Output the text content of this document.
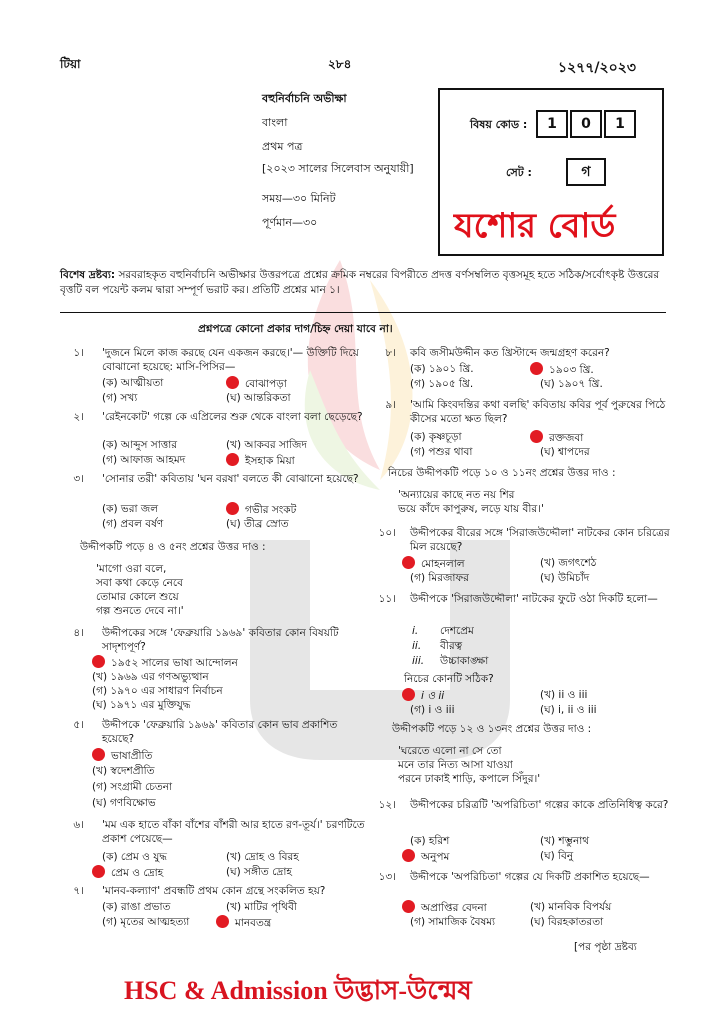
টিয়া	২৮৪	১২৭৭/২০২৩
বহুনির্বাচনি অভীক্ষা
বাংলা
প্রথম পত্র
[২০২৩ সালের সিলেবাস অনুযায়ী]
সময়—৩০ মিনিট
পূর্ণমান—৩০
বিষয় কোড :	1 0 1
সেট :	গ
যশোর বোর্ড
বিশেষ দ্রষ্টব্য: সরবরাহকৃত বহুনির্বাচনি অভীক্ষার উত্তরপত্রে প্রশ্নের ক্রমিক নম্বরের বিপরীতে প্রদত্ত বর্ণসম্বলিত বৃত্তসমূহ হতে সঠিক/সর্বোৎকৃষ্ট উত্তরের বৃত্তটি বল পয়েন্ট কলম দ্বারা সম্পূর্ণ ভরাট কর। প্রতিটি প্রশ্নের মান ১।
প্রশ্নপত্রে কোনো প্রকার দাগ/চিহ্ন দেয়া যাবে না।
১। 'দুজনে মিলে কাজ করছে যেন একজন করছে।'— উক্তিটি দিয়ে বোঝানো হয়েছে: মাসি-পিসির—
(ক) আত্মীয়তা	বোঝাপড়া
(গ) সখ্য	(ঘ) আন্তরিকতা
২। 'রেইনকোট' গল্পে কে এপ্রিলের শুরু থেকে বাংলা বলা ছেড়েছে?
(ক) আব্দুস সাত্তার	(খ) আকবর সাজিদ
(গ) আফাজ আহমদ	ইসহাক মিয়া
৩। 'সোনার তরী' কবিতায় 'ঘন বরষা' বলতে কী বোঝানো হয়েছে?
(ক) ভরা জল	গভীর সংকট
(গ) প্রবল বর্ষণ	(ঘ) তীব্র স্রোত
উদ্দীপকটি পড়ে ৪ ও ৫নং প্রশ্নের উত্তর দাও :
'মাগো ওরা বলে,
সবা কথা কেড়ে নেবে
তোমার কোলে শুয়ে
গল্প শুনতে দেবে না।'
৪। উদ্দীপকের সঙ্গে 'ফেব্রুয়ারি ১৯৬৯' কবিতার কোন বিষয়টি সাদৃশ্যপূর্ণ?
১৯৫২ সালের ভাষা আন্দোলন
(খ) ১৯৬৯ এর গণঅভ্যুত্থান
(গ) ১৯৭০ এর সাধারণ নির্বাচন
(ঘ) ১৯৭১ এর মুক্তিযুদ্ধ
৫। উদ্দীপকে 'ফেব্রুয়ারি ১৯৬৯' কবিতার কোন ভাব প্রকাশিত হয়েছে?
ভাষাপ্রীতি
(খ) স্বদেশপ্রীতি
(গ) সংগ্রামী চেতনা
(ঘ) গণবিক্ষোভ
৬। 'মম এক হাতে বাঁকা বাঁশের বাঁশরী আর হাতে রণ-তূর্য।' চরণটিতে প্রকাশ পেয়েছে—
(ক) প্রেম ও যুদ্ধ	(খ) দ্রোহ ও বিরহ
প্রেম ও দ্রোহ	(ঘ) সঙ্গীত দ্রোহ
৭। 'মানব-কল্যাণ' প্রবন্ধটি প্রথম কোন গ্রন্থে সংকলিত হয়?
(ক) রাঙা প্রভাত	(খ) মাটির পৃথিবী
(গ) মৃতের আত্মহত্যা	মানবতন্ত্র
৮। কবি জসীমউদ্দীন কত খ্রিস্টাব্দে জন্মগ্রহণ করেন?
(ক) ১৯০১ খ্রি.	১৯০৩ খ্রি.
(গ) ১৯০৫ খ্রি.	(ঘ) ১৯০৭ খ্রি.
৯। 'আমি কিংবদন্তির কথা বলছি' কবিতায় কবির পূর্ব পুরুষের পিঠে কীসের মতো ক্ষত ছিল?
(ক) কৃষ্ণচূড়া	রক্তজবা
(গ) পশুর থাবা	(ঘ) শ্বাপদের
নিচের উদ্দীপকটি পড়ে ১০ ও ১১নং প্রশ্নের উত্তর দাও :
'অন্যায়ের কাছে নত নয় শির
ভয়ে কাঁদে কাপুরুষ, লড়ে যায় বীর।'
১০। উদ্দীপকের বীরের সঙ্গে 'সিরাজউদ্দৌলা' নাটকের কোন চরিত্রের মিল রয়েছে?
মোহনলাল	(খ) জগৎশেঠ
(গ) মিরজাফর	(ঘ) উমিচাঁদ
১১। উদ্দীপকে 'সিরাজউদ্দৌলা' নাটকের ফুটে ওঠা দিকটি হলো—
i. দেশপ্রেম
ii. বীরত্ব
iii. উচ্চাকাঙ্ক্ষা
নিচের কোনটি সঠিক?
i ও ii	(খ) ii ও iii
(গ) i ও iii	(ঘ) i, ii ও iii
উদ্দীপকটি পড়ে ১২ ও ১৩নং প্রশ্নের উত্তর দাও :
'ঘরেতে এলো না সে তো
মনে তার নিত্য আসা যাওয়া
পরনে ঢাকাই শাড়ি, কপালে সিঁদুর।'
১২। উদ্দীপকের চরিত্রটি 'অপরিচিতা' গল্পের কাকে প্রতিনিধিত্ব করে?
(ক) হরিশ	(খ) শম্ভুনাথ
অনুপম	(ঘ) বিনু
১৩। উদ্দীপকে 'অপরিচিতা' গল্পের যে দিকটি প্রকাশিত হয়েছে—
অপ্রাপ্তির বেদনা	(খ) মানবিক বিপর্যয়
(গ) সামাজিক বৈষম্য	(ঘ) বিরহকাতরতা
[পর পৃষ্ঠা দ্রষ্টব্য
HSC & Admission উদ্ভাস-উন্মেষ
